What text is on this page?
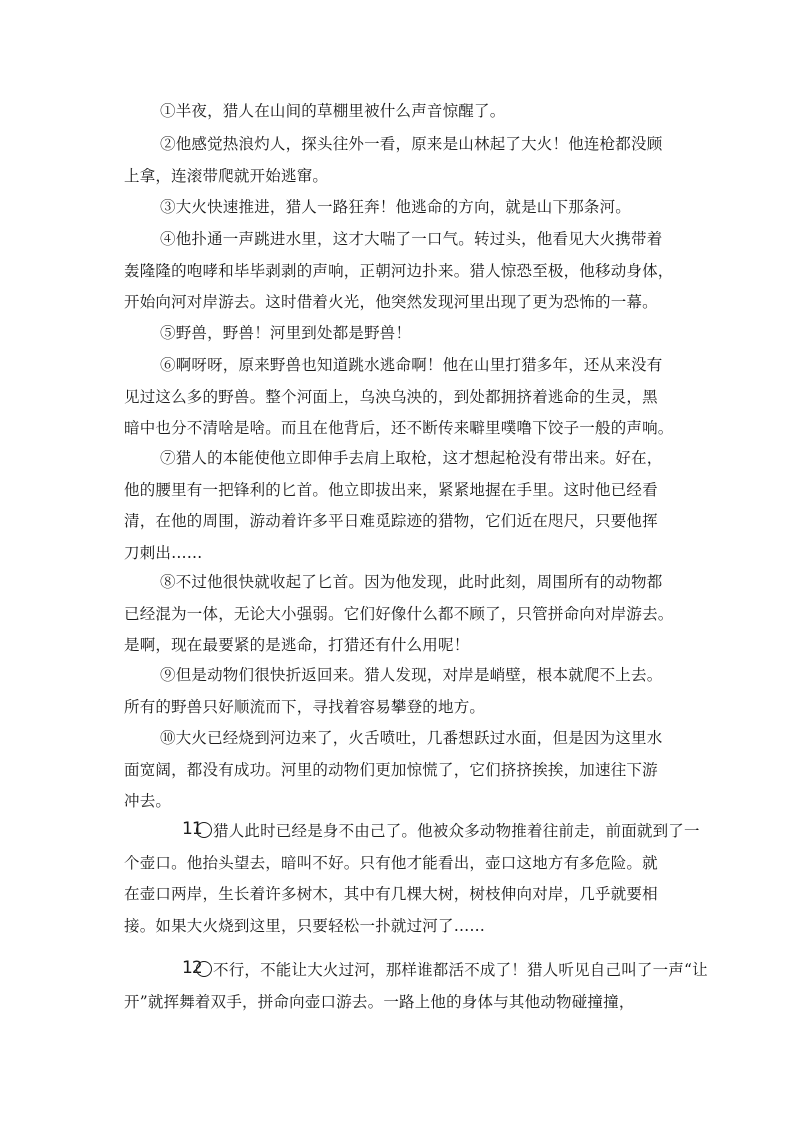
①半夜，猎人在山间的草棚里被什么声音惊醒了。

②他感觉热浪灼人，探头往外一看，原来是山林起了大火！他连枪都没顾
上拿，连滚带爬就开始逃窜。

③大火快速推进，猎人一路狂奔！他逃命的方向，就是山下那条河。

④他扑通一声跳进水里，这才大喘了一口气。转过头，他看见大火携带着
轰隆隆的咆哮和毕毕剥剥的声响，正朝河边扑来。猎人惊恐至极，他移动身体，
开始向河对岸游去。这时借着火光，他突然发现河里出现了更为恐怖的一幕。

⑤野兽，野兽！河里到处都是野兽！

⑥啊呀呀，原来野兽也知道跳水逃命啊！他在山里打猎多年，还从来没有
见过这么多的野兽。整个河面上，乌泱乌泱的，到处都拥挤着逃命的生灵，黑
暗中也分不清啥是啥。而且在他背后，还不断传来噼里噗噜下饺子一般的声响。

⑦猎人的本能使他立即伸手去肩上取枪，这才想起枪没有带出来。好在，
他的腰里有一把锋利的匕首。他立即拔出来，紧紧地握在手里。这时他已经看
清，在他的周围，游动着许多平日难觅踪迹的猎物，它们近在咫尺，只要他挥
刀刺出……

⑧不过他很快就收起了匕首。因为他发现，此时此刻，周围所有的动物都
已经混为一体，无论大小强弱。它们好像什么都不顾了，只管拼命向对岸游去。
是啊，现在最要紧的是逃命，打猎还有什么用呢！

⑨但是动物们很快折返回来。猎人发现，对岸是峭壁，根本就爬不上去。
所有的野兽只好顺流而下，寻找着容易攀登的地方。

⑩大火已经烧到河边来了，火舌喷吐，几番想跃过水面，但是因为这里水
面宽阔，都没有成功。河里的动物们更加惊慌了，它们挤挤挨挨，加速往下游
冲去。

11 猎人此时已经是身不由己了。他被众多动物推着往前走，前面就到了一
个壶口。他抬头望去，暗叫不好。只有他才能看出，壶口这地方有多危险。就
在壶口两岸，生长着许多树木，其中有几棵大树，树枝伸向对岸，几乎就要相
接。如果大火烧到这里，只要轻松一扑就过河了……

12 不行，不能让大火过河，那样谁都活不成了！猎人听见自己叫了一声“让
开”就挥舞着双手，拼命向壶口游去。一路上他的身体与其他动物碰撞撞，
